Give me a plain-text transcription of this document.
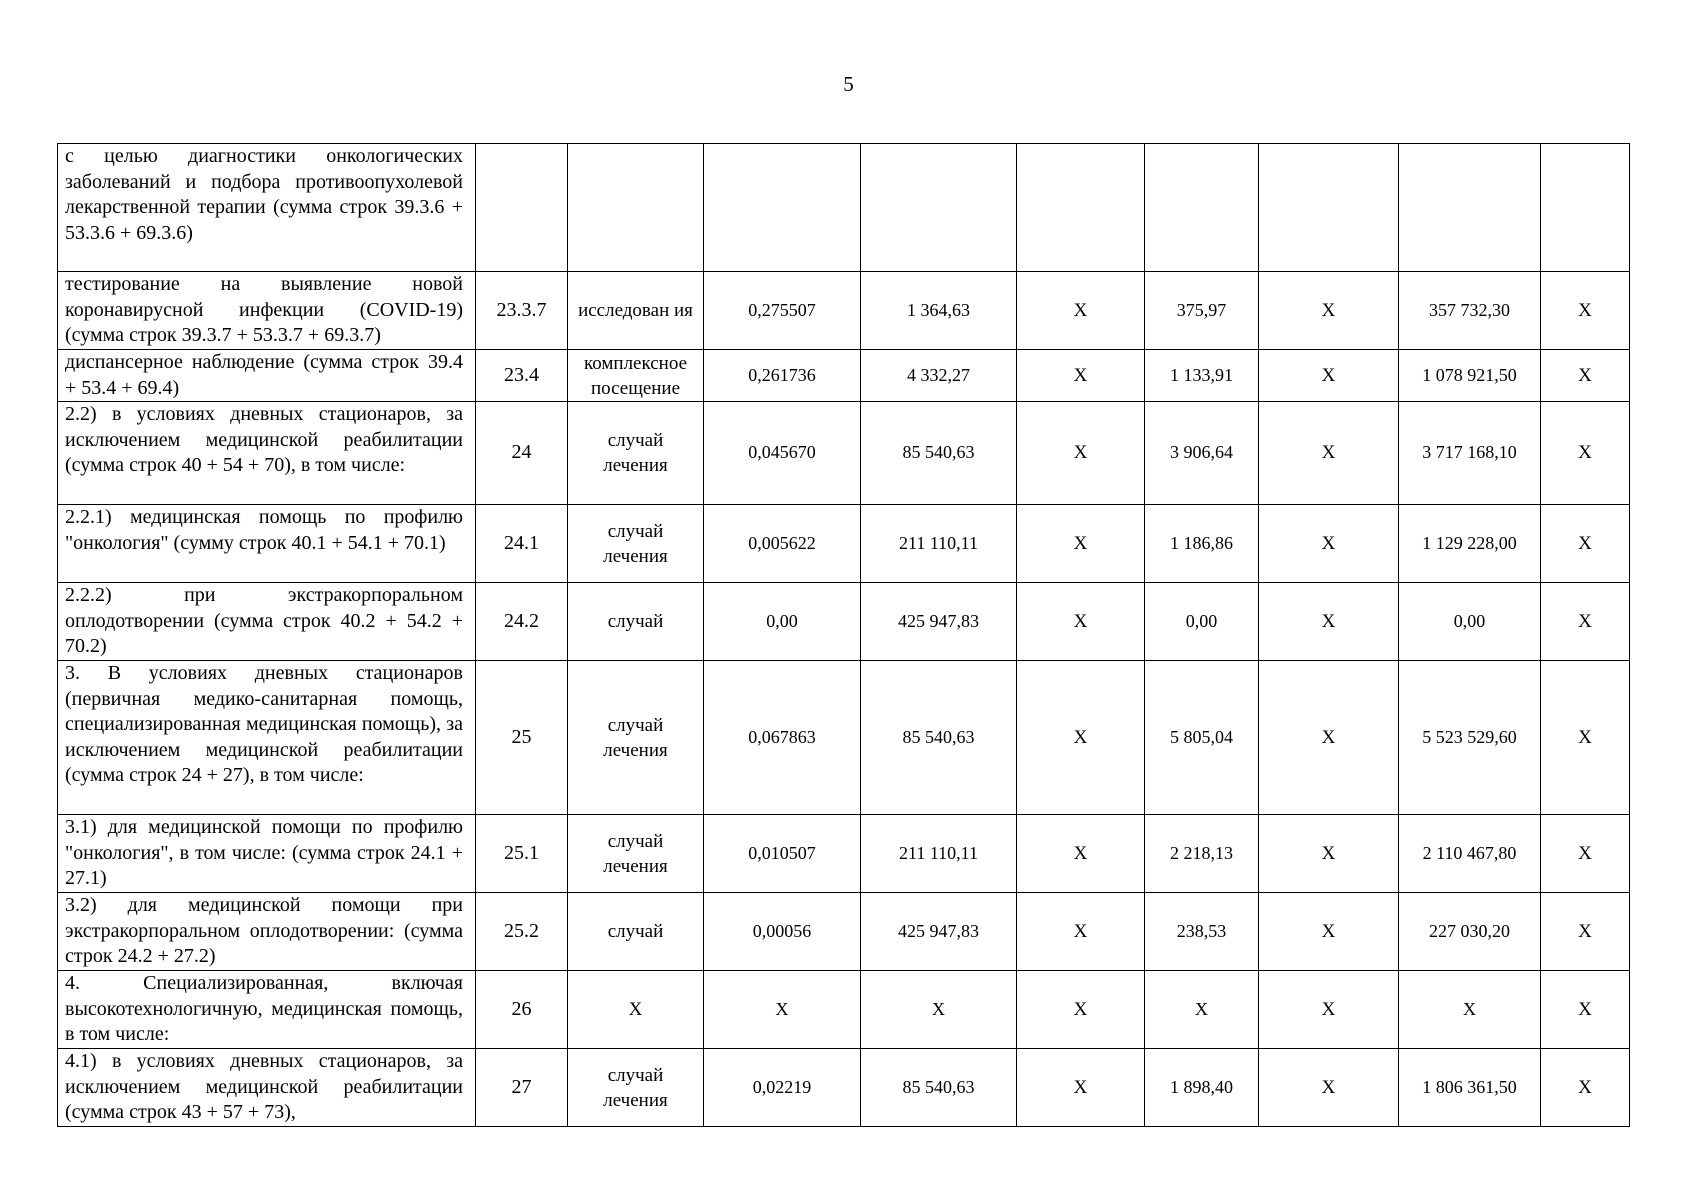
5
с целью диагностики онкологических заболеваний и подбора противоопухолевой лекарственной терапии (сумма строк 39.3.6 + 53.3.6 + 69.3.6)									
тестирование на выявление новой коронавирусной инфекции (COVID-19) (сумма строк 39.3.7 + 53.3.7 + 69.3.7)	23.3.7	исследован ия	0,275507	1 364,63	Х	375,97	Х	357 732,30	Х
диспансерное наблюдение (сумма строк 39.4 + 53.4 + 69.4)	23.4	комплексное посещение	0,261736	4 332,27	Х	1 133,91	Х	1 078 921,50	Х
2.2) в условиях дневных стационаров, за исключением медицинской реабилитации (сумма строк 40 + 54 + 70), в том числе:	24	случай лечения	0,045670	85 540,63	Х	3 906,64	Х	3 717 168,10	Х
2.2.1) медицинская помощь по профилю "онкология" (сумму строк 40.1 + 54.1 + 70.1)	24.1	случай лечения	0,005622	211 110,11	Х	1 186,86	Х	1 129 228,00	Х
2.2.2) при экстракорпоральном оплодотворении (сумма строк 40.2 + 54.2 + 70.2)	24.2	случай	0,00	425 947,83	Х	0,00	Х	0,00	Х
3. В условиях дневных стационаров (первичная медико-санитарная помощь, специализированная медицинская помощь), за исключением медицинской реабилитации (сумма строк 24 + 27), в том числе:	25	случай лечения	0,067863	85 540,63	Х	5 805,04	Х	5 523 529,60	Х
3.1) для медицинской помощи по профилю "онкология", в том числе: (сумма строк 24.1 + 27.1)	25.1	случай лечения	0,010507	211 110,11	Х	2 218,13	Х	2 110 467,80	Х
3.2) для медицинской помощи при экстракорпоральном оплодотворении: (сумма строк 24.2 + 27.2)	25.2	случай	0,00056	425 947,83	Х	238,53	Х	227 030,20	Х
4. Специализированная, включая высокотехнологичную, медицинская помощь, в том числе:	26	Х	Х	Х	Х	Х	Х	Х	Х
4.1) в условиях дневных стационаров, за исключением медицинской реабилитации (сумма строк 43 + 57 + 73),	27	случай лечения	0,02219	85 540,63	Х	1 898,40	Х	1 806 361,50	Х
